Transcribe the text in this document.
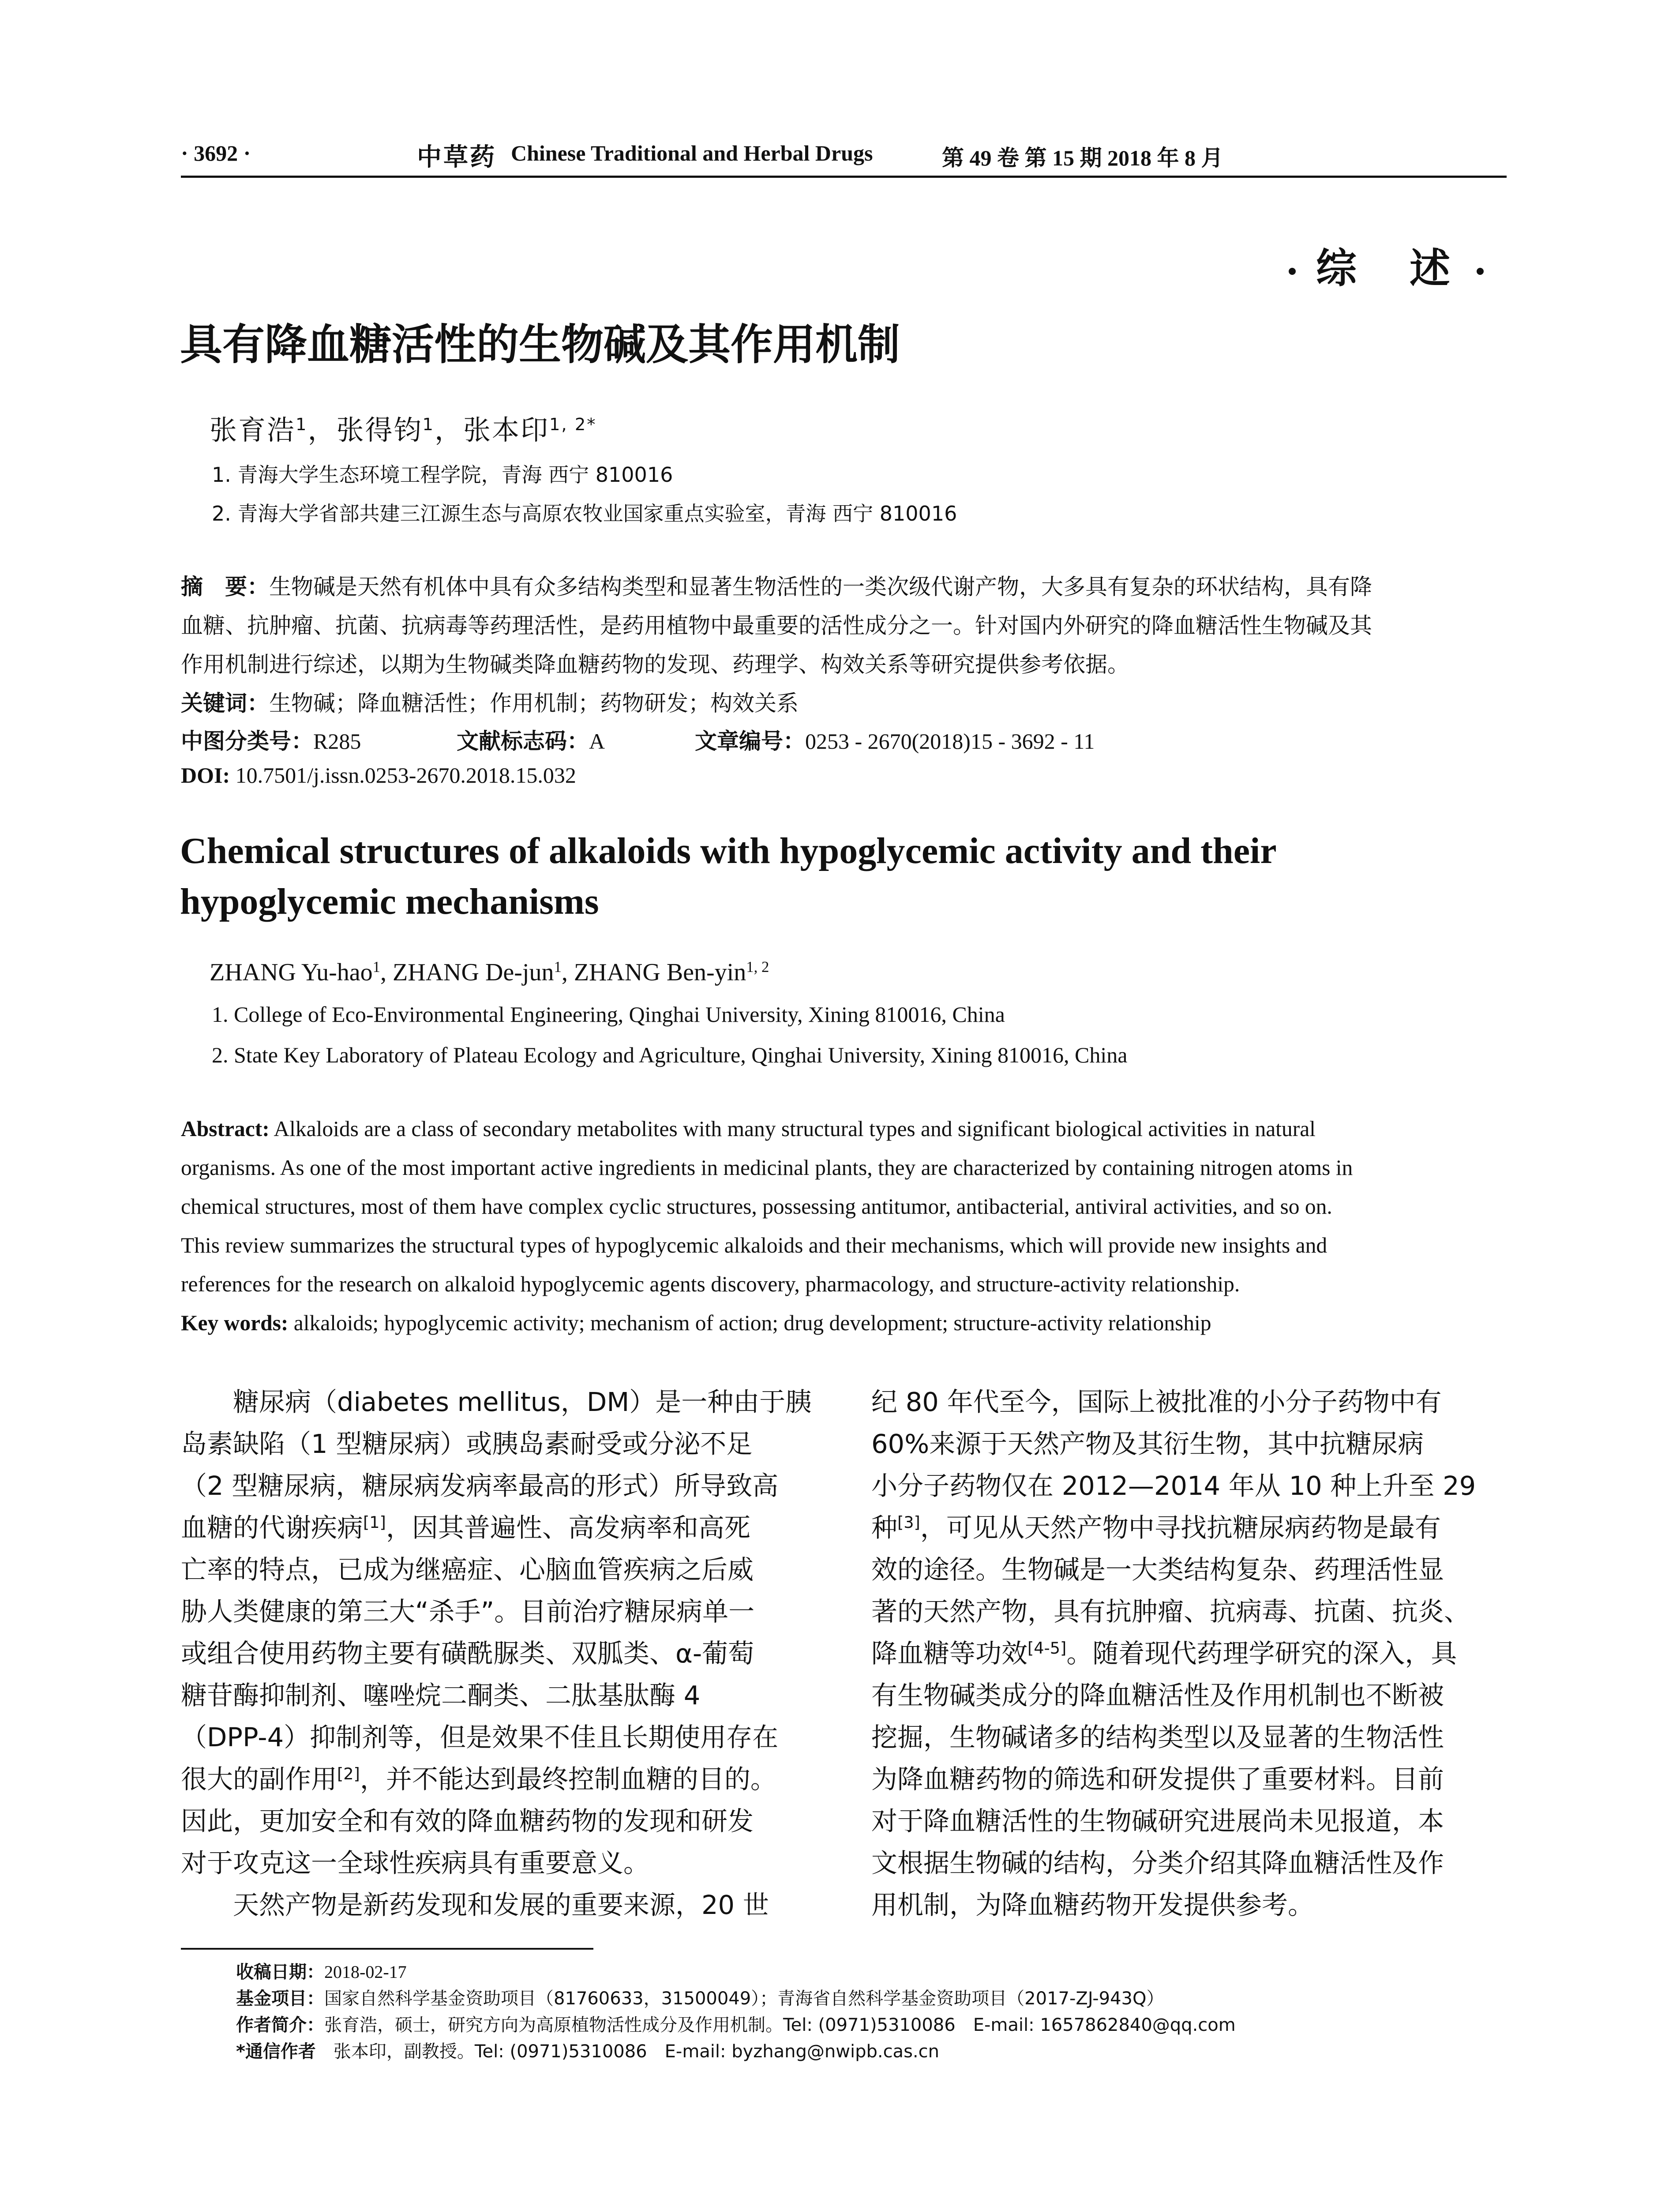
· 3692 ·	中草药 Chinese Traditional and Herbal Drugs	第 49 卷 第 15 期 2018 年 8 月
综　述
具有降血糖活性的生物碱及其作用机制
张育浩$^1$，张得钧$^1$，张本印$^{1, 2*}$
1. 青海大学生态环境工程学院，青海 西宁 810016
2. 青海大学省部共建三江源生态与高原农牧业国家重点实验室，青海 西宁 810016
摘　要：生物碱是天然有机体中具有众多结构类型和显著生物活性的一类次级代谢产物，大多具有复杂的环状结构，具有降
血糖、抗肿瘤、抗菌、抗病毒等药理活性，是药用植物中最重要的活性成分之一。针对国内外研究的降血糖活性生物碱及其
作用机制进行综述，以期为生物碱类降血糖药物的发现、药理学、构效关系等研究提供参考依据。
关键词：生物碱；降血糖活性；作用机制；药物研发；构效关系
中图分类号：R285	文献标志码：A	文章编号：0253 - 2670(2018)15 - 3692 - 11
DOI: 10.7501/j.issn.0253-2670.2018.15.032
Chemical structures of alkaloids with hypoglycemic activity and their
hypoglycemic mechanisms
ZHANG Yu-hao$^1$, ZHANG De-jun$^1$, ZHANG Ben-yin$^{1, 2}$
1. College of Eco-Environmental Engineering, Qinghai University, Xining 810016, China
2. State Key Laboratory of Plateau Ecology and Agriculture, Qinghai University, Xining 810016, China
Abstract: Alkaloids are a class of secondary metabolites with many structural types and significant biological activities in natural
organisms. As one of the most important active ingredients in medicinal plants, they are characterized by containing nitrogen atoms in
chemical structures, most of them have complex cyclic structures, possessing antitumor, antibacterial, antiviral activities, and so on.
This review summarizes the structural types of hypoglycemic alkaloids and their mechanisms, which will provide new insights and
references for the research on alkaloid hypoglycemic agents discovery, pharmacology, and structure-activity relationship.
Key words: alkaloids; hypoglycemic activity; mechanism of action; drug development; structure-activity relationship
　　糖尿病（diabetes mellitus，DM）是一种由于胰
岛素缺陷（1 型糖尿病）或胰岛素耐受或分泌不足
（2 型糖尿病，糖尿病发病率最高的形式）所导致高
血糖的代谢疾病[1]，因其普遍性、高发病率和高死
亡率的特点，已成为继癌症、心脑血管疾病之后威
胁人类健康的第三大“杀手”。目前治疗糖尿病单一
或组合使用药物主要有磺酰脲类、双胍类、α-葡萄
糖苷酶抑制剂、噻唑烷二酮类、二肽基肽酶 4
（DPP-4）抑制剂等，但是效果不佳且长期使用存在
很大的副作用[2]，并不能达到最终控制血糖的目的。
因此，更加安全和有效的降血糖药物的发现和研发
对于攻克这一全球性疾病具有重要意义。
　　天然产物是新药发现和发展的重要来源，20 世
纪 80 年代至今，国际上被批准的小分子药物中有
60%来源于天然产物及其衍生物，其中抗糖尿病
小分子药物仅在 2012—2014 年从 10 种上升至 29
种[3]，可见从天然产物中寻找抗糖尿病药物是最有
效的途径。生物碱是一大类结构复杂、药理活性显
著的天然产物，具有抗肿瘤、抗病毒、抗菌、抗炎、
降血糖等功效[4-5]。随着现代药理学研究的深入，具
有生物碱类成分的降血糖活性及作用机制也不断被
挖掘，生物碱诸多的结构类型以及显著的生物活性
为降血糖药物的筛选和研发提供了重要材料。目前
对于降血糖活性的生物碱研究进展尚未见报道，本
文根据生物碱的结构，分类介绍其降血糖活性及作
用机制，为降血糖药物开发提供参考。
收稿日期：2018-02-17
基金项目：国家自然科学基金资助项目（81760633，31500049）；青海省自然科学基金资助项目（2017-ZJ-943Q）
作者简介：张育浩，硕士，研究方向为高原植物活性成分及作用机制。Tel: (0971)5310086　E-mail: 1657862840@qq.com
*通信作者　张本印，副教授。Tel: (0971)5310086　E-mail: byzhang@nwipb.cas.cn
